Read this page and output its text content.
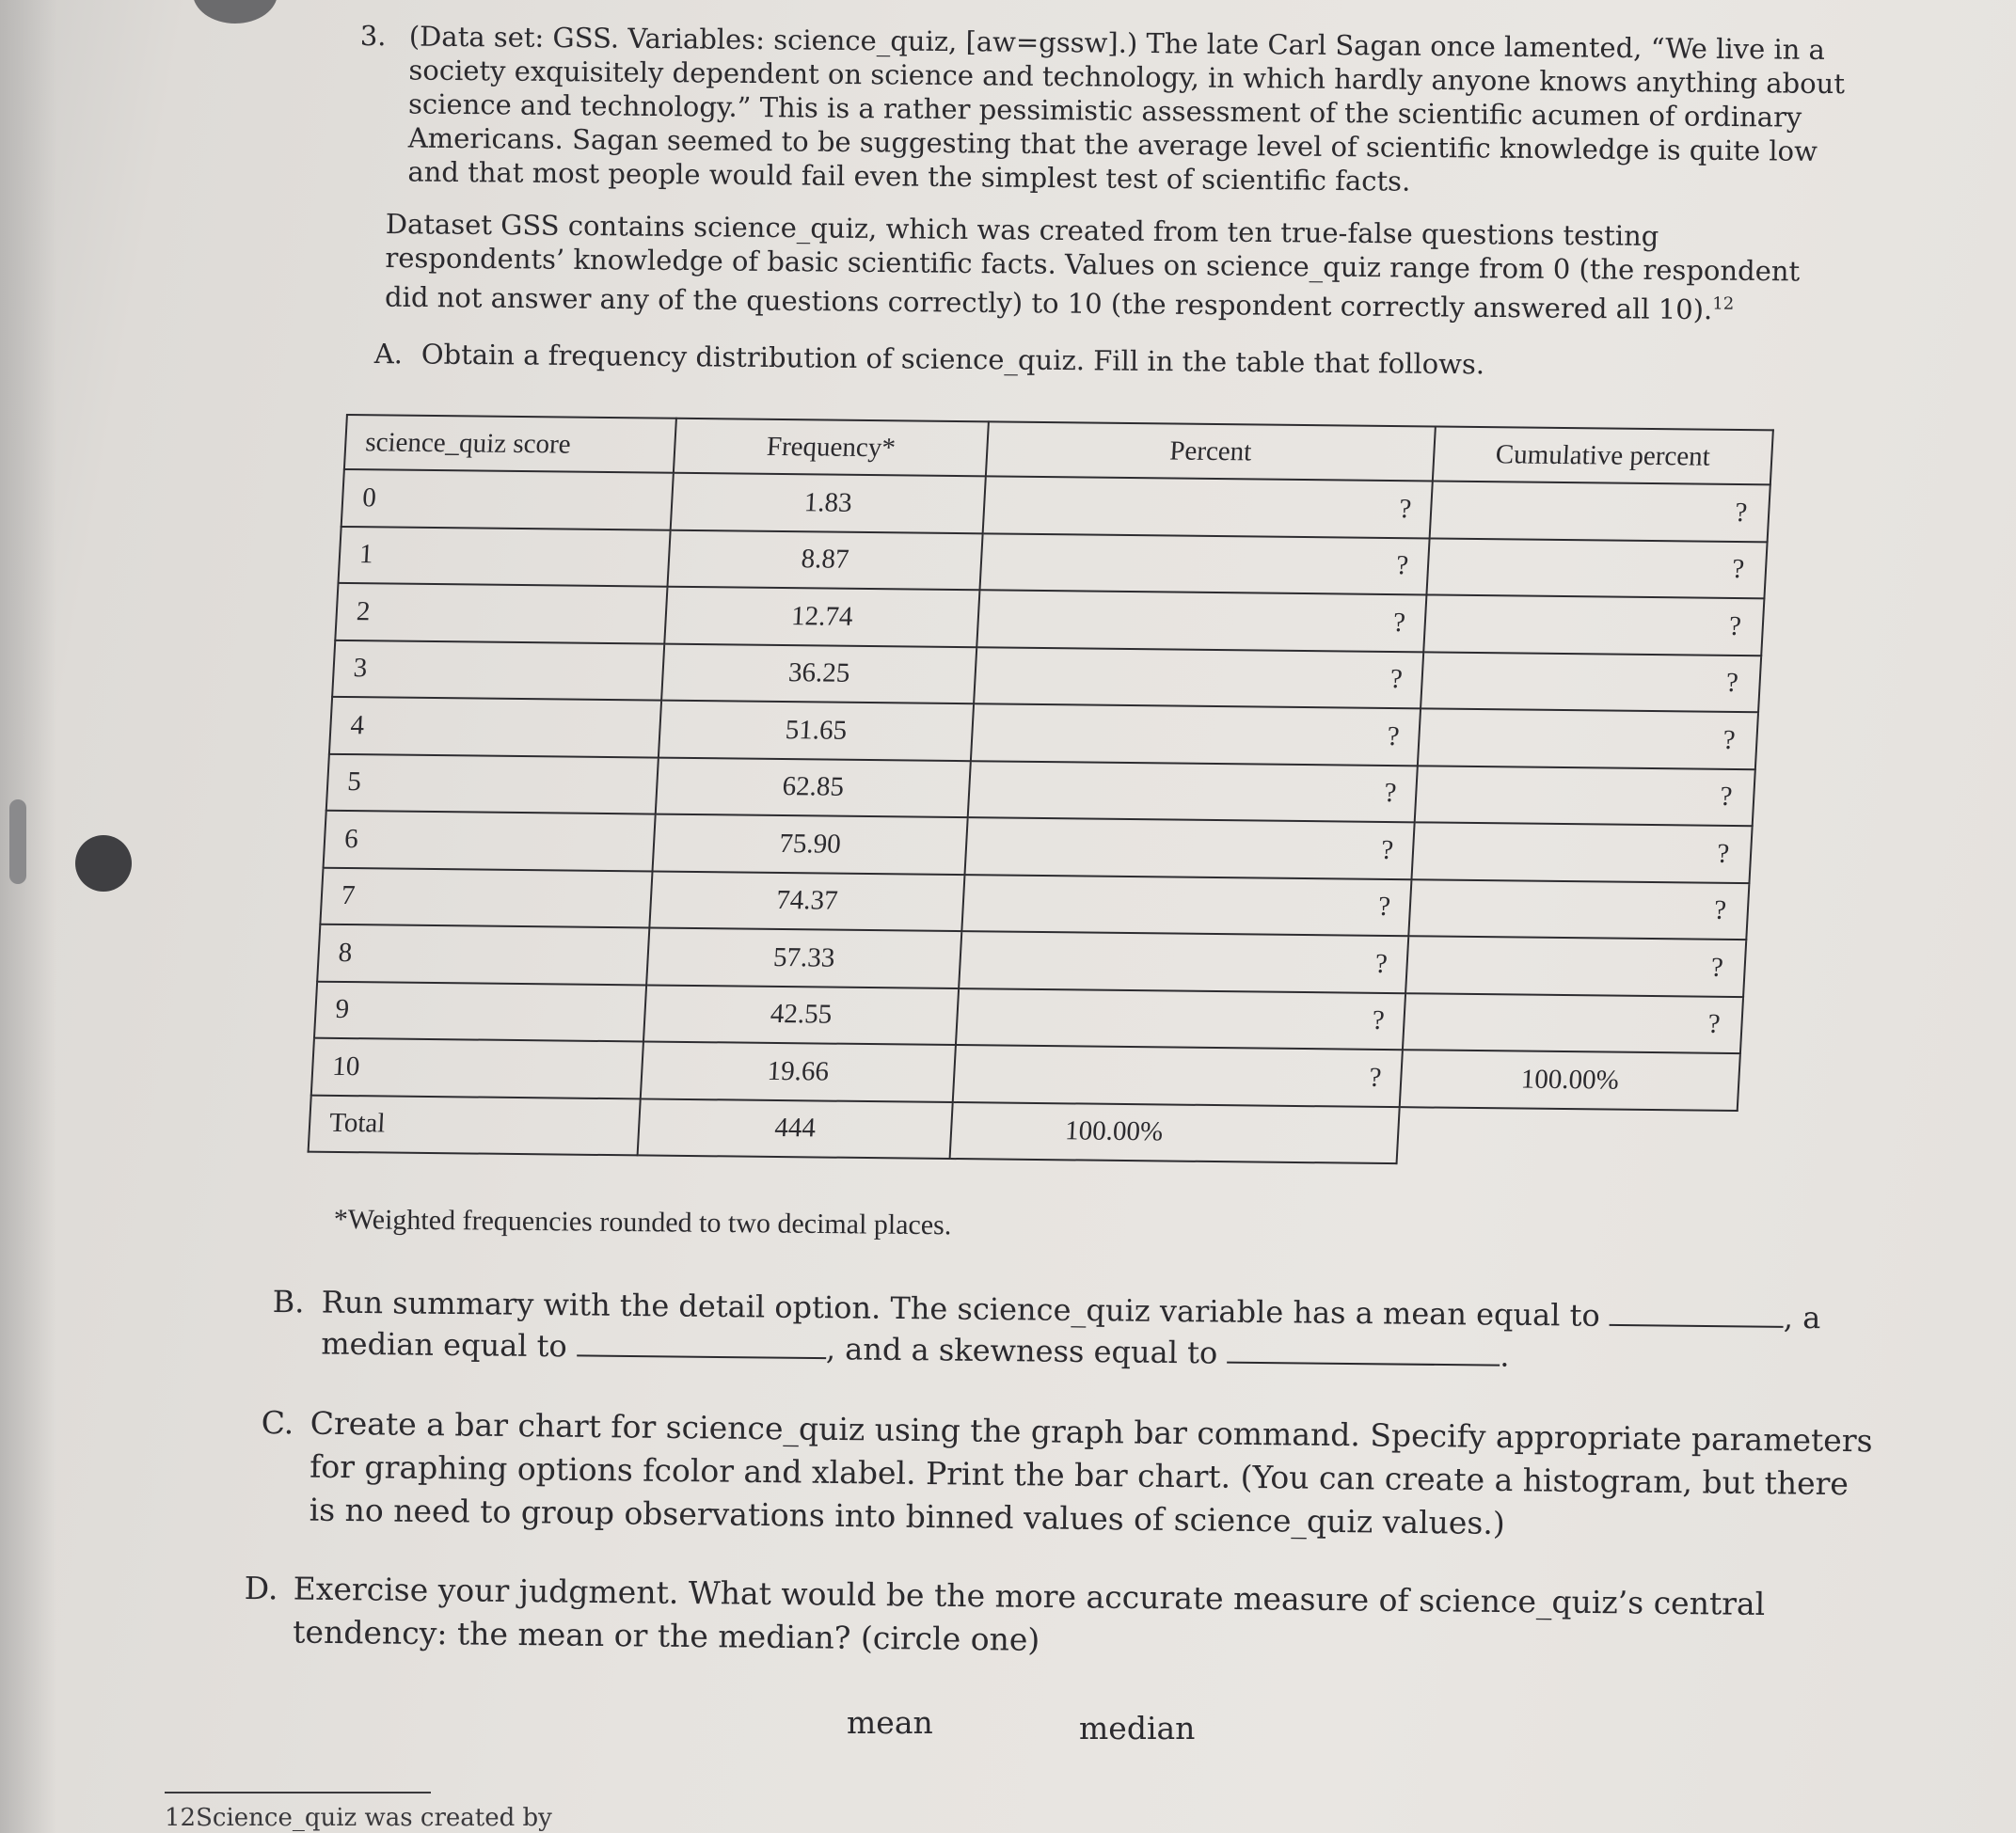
3. (Data set: GSS. Variables: science_quiz, [aw=gssw].) The late Carl Sagan once lamented, “We live in a society exquisitely dependent on science and technology, in which hardly anyone knows anything about science and technology.” This is a rather pessimistic assessment of the scientific acumen of ordinary Americans. Sagan seemed to be suggesting that the average level of scientific knowledge is quite low and that most people would fail even the simplest test of scientific facts.
Dataset GSS contains science_quiz, which was created from ten true-false questions testing respondents’ knowledge of basic scientific facts. Values on science_quiz range from 0 (the respondent did not answer any of the questions correctly) to 10 (the respondent correctly answered all 10).$^{12}$
A. Obtain a frequency distribution of science_quiz. Fill in the table that follows.
science_quiz score	Frequency*	Percent	Cumulative percent
0	1.83	?	?
1	8.87	?	?
2	12.74	?	?
3	36.25	?	?
4	51.65	?	?
5	62.85	?	?
6	75.90	?	?
7	74.37	?	?
8	57.33	?	?
9	42.55	?	?
10	19.66	?	100.00%
Total	444	100.00%	
*Weighted frequencies rounded to two decimal places.
B. Run summary with the detail option. The science_quiz variable has a mean equal to	, a median equal to	, and a skewness equal to	.
C. Create a bar chart for science_quiz using the graph bar command. Specify appropriate parameters for graphing options fcolor and xlabel. Print the bar chart. (You can create a histogram, but there is no need to group observations into binned values of science_quiz values.)
D. Exercise your judgment. What would be the more accurate measure of science_quiz’s central tendency: the mean or the median? (circle one)
mean	median
12Science_quiz was created by
